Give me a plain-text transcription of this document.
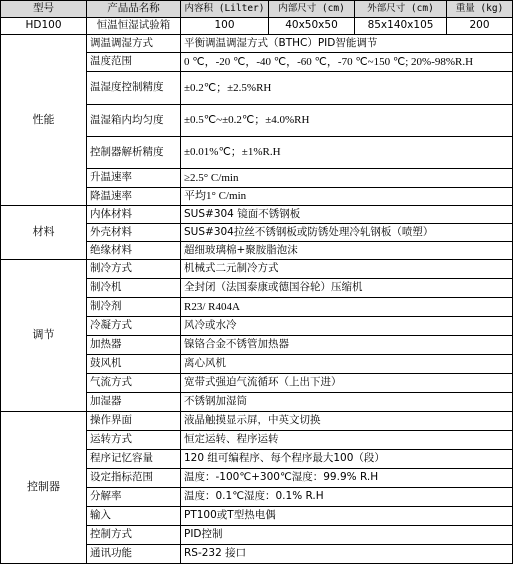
型号	产品品名称	内容积 (Lilter)	内部尺寸 (cm)	外部尺寸 (cm)	重量 (kg)
HD100	恒温恒湿试验箱	100	40x50x50	85x140x105	200
性能	调温调湿方式	平衡调温调湿方式（BTHC）PID智能调节			
	温度范围	0 ℃，-20 ℃，-40 ℃，-60 ℃，-70 ℃~150 ℃; 20%-98%R.H			
	温湿度控制精度	±0.2℃；±2.5%RH			
	温湿箱内均匀度	±0.5℃~±0.2℃；±4.0%RH			
	控制器解析精度	±0.01%℃；±1%R.H			
	升温速率	≥2.5° C/min			
	降温速率	平均1° C/min			
材料	内体材料	SUS#304 镜面不锈钢板			
	外壳材料	SUS#304拉丝不锈钢板或防锈处理冷轧钢板（喷塑）			
	绝缘材料	超细玻璃棉+聚胺脂泡沫			
调节	制冷方式	机械式二元制冷方式			
	制冷机	全封闭（法国泰康或德国谷轮）压缩机			
	制冷剂	R23/ R404A			
	冷凝方式	风冷或水冷			
	加热器	镍铬合金不锈管加热器			
	鼓风机	离心风机			
	气流方式	宽带式强迫气流循环（上出下进）			
	加湿器	不锈钢加湿筒			
控制器	操作界面	液晶触摸显示屏，中英文切换			
	运转方式	恒定运转、程序运转			
	程序记忆容量	120 组可编程序、每个程序最大100（段）			
	设定指标范围	温度：-100℃+300℃湿度：99.9% R.H			
	分解率	温度：0.1℃湿度：0.1% R.H			
	输入	PT100或T型热电偶			
	控制方式	PID控制			
	通讯功能	RS-232 接口			
